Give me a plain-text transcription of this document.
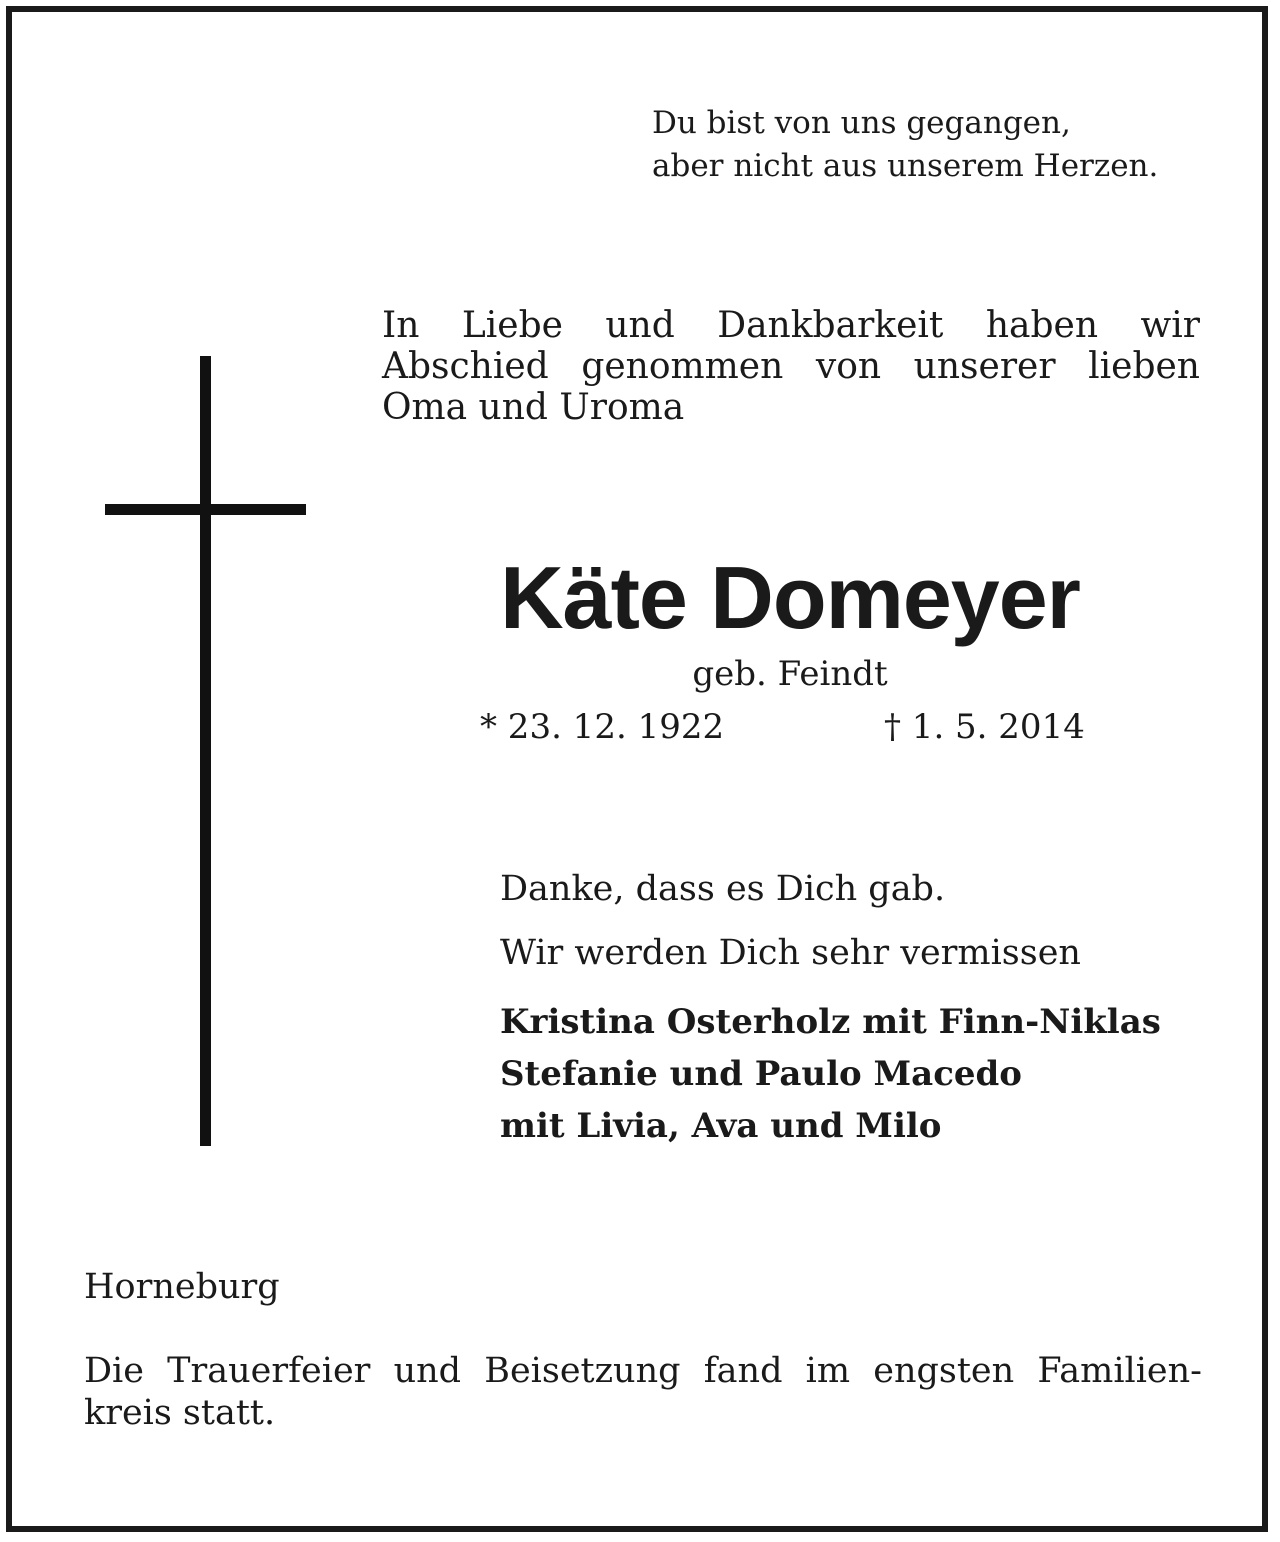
Du bist von uns gegangen,
aber nicht aus unserem Herzen.
In Liebe und Dankbarkeit haben wir
Abschied genommen von unserer lieben
Oma und Uroma
Käte Domeyer
geb. Feindt
* 23. 12. 1922	† 1. 5. 2014
Danke, dass es Dich gab.
Wir werden Dich sehr vermissen
Kristina Osterholz mit Finn-Niklas
Stefanie und Paulo Macedo
mit Livia, Ava und Milo
Horneburg
Die Trauerfeier und Beisetzung fand im engsten Familien-
kreis statt.
